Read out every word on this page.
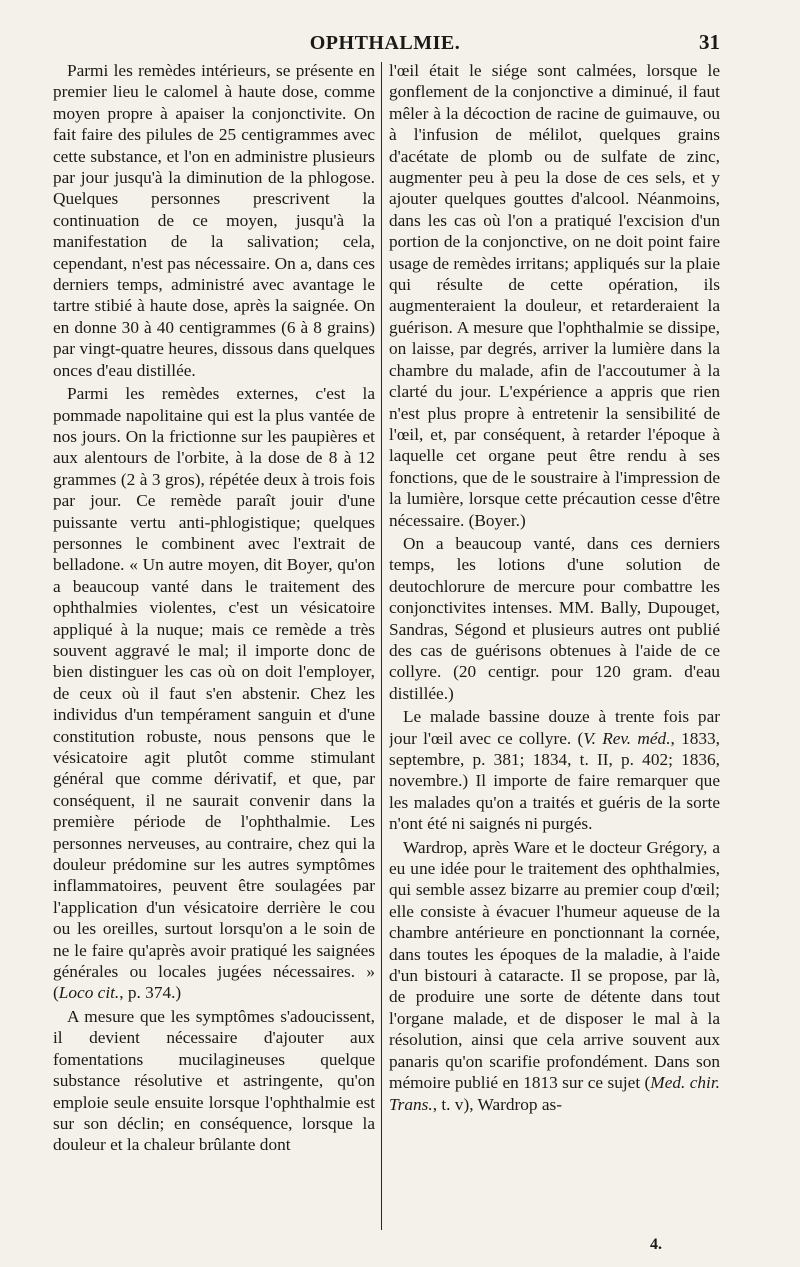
OPHTHALMIE.	31

Parmi les remèdes intérieurs, se présente en premier lieu le calomel à haute dose, comme moyen propre à apaiser la conjonctivite. On fait faire des pilules de 25 centigrammes avec cette substance, et l'on en administre plusieurs par jour jusqu'à la diminution de la phlogose. Quelques personnes prescrivent la continuation de ce moyen, jusqu'à la manifestation de la salivation; cela, cependant, n'est pas nécessaire. On a, dans ces derniers temps, administré avec avantage le tartre stibié à haute dose, après la saignée. On en donne 30 à 40 centigrammes (6 à 8 grains) par vingt-quatre heures, dissous dans quelques onces d'eau distillée.

Parmi les remèdes externes, c'est la pommade napolitaine qui est la plus vantée de nos jours. On la frictionne sur les paupières et aux alentours de l'orbite, à la dose de 8 à 12 grammes (2 à 3 gros), répétée deux à trois fois par jour. Ce remède paraît jouir d'une puissante vertu anti-phlogistique; quelques personnes le combinent avec l'extrait de belladone. « Un autre moyen, dit Boyer, qu'on a beaucoup vanté dans le traitement des ophthalmies violentes, c'est un vésicatoire appliqué à la nuque; mais ce remède a très souvent aggravé le mal; il importe donc de bien distinguer les cas où on doit l'employer, de ceux où il faut s'en abstenir. Chez les individus d'un tempérament sanguin et d'une constitution robuste, nous pensons que le vésicatoire agit plutôt comme stimulant général que comme dérivatif, et que, par conséquent, il ne saurait convenir dans la première période de l'ophthalmie. Les personnes nerveuses, au contraire, chez qui la douleur prédomine sur les autres symptômes inflammatoires, peuvent être soulagées par l'application d'un vésicatoire derrière le cou ou les oreilles, surtout lorsqu'on a le soin de ne le faire qu'après avoir pratiqué les saignées générales ou locales jugées nécessaires. » (Loco cit., p. 374.)

A mesure que les symptômes s'adoucissent, il devient nécessaire d'ajouter aux fomentations mucilagineuses quelque substance résolutive et astringente, qu'on emploie seule ensuite lorsque l'ophthalmie est sur son déclin; en conséquence, lorsque la douleur et la chaleur brûlante dont

l'œil était le siége sont calmées, lorsque le gonflement de la conjonctive a diminué, il faut mêler à la décoction de racine de guimauve, ou à l'infusion de mélilot, quelques grains d'acétate de plomb ou de sulfate de zinc, augmenter peu à peu la dose de ces sels, et y ajouter quelques gouttes d'alcool. Néanmoins, dans les cas où l'on a pratiqué l'excision d'un portion de la conjonctive, on ne doit point faire usage de remèdes irritans; appliqués sur la plaie qui résulte de cette opération, ils augmenteraient la douleur, et retarderaient la guérison. A mesure que l'ophthalmie se dissipe, on laisse, par degrés, arriver la lumière dans la chambre du malade, afin de l'accoutumer à la clarté du jour. L'expérience a appris que rien n'est plus propre à entretenir la sensibilité de l'œil, et, par conséquent, à retarder l'époque à laquelle cet organe peut être rendu à ses fonctions, que de le soustraire à l'impression de la lumière, lorsque cette précaution cesse d'être nécessaire. (Boyer.)

On a beaucoup vanté, dans ces derniers temps, les lotions d'une solution de deutochlorure de mercure pour combattre les conjonctivites intenses. MM. Bally, Dupouget, Sandras, Ségond et plusieurs autres ont publié des cas de guérisons obtenues à l'aide de ce collyre. (20 centigr. pour 120 gram. d'eau distillée.)

Le malade bassine douze à trente fois par jour l'œil avec ce collyre. (V. Rev. méd., 1833, septembre, p. 381; 1834, t. II, p. 402; 1836, novembre.) Il importe de faire remarquer que les malades qu'on a traités et guéris de la sorte n'ont été ni saignés ni purgés.

Wardrop, après Ware et le docteur Grégory, a eu une idée pour le traitement des ophthalmies, qui semble assez bizarre au premier coup d'œil; elle consiste à évacuer l'humeur aqueuse de la chambre antérieure en ponctionnant la cornée, dans toutes les époques de la maladie, à l'aide d'un bistouri à cataracte. Il se propose, par là, de produire une sorte de détente dans tout l'organe malade, et de disposer le mal à la résolution, ainsi que cela arrive souvent aux panaris qu'on scarifie profondément. Dans son mémoire publié en 1813 sur ce sujet (Med. chir. Trans., t. v), Wardrop as-

4.
